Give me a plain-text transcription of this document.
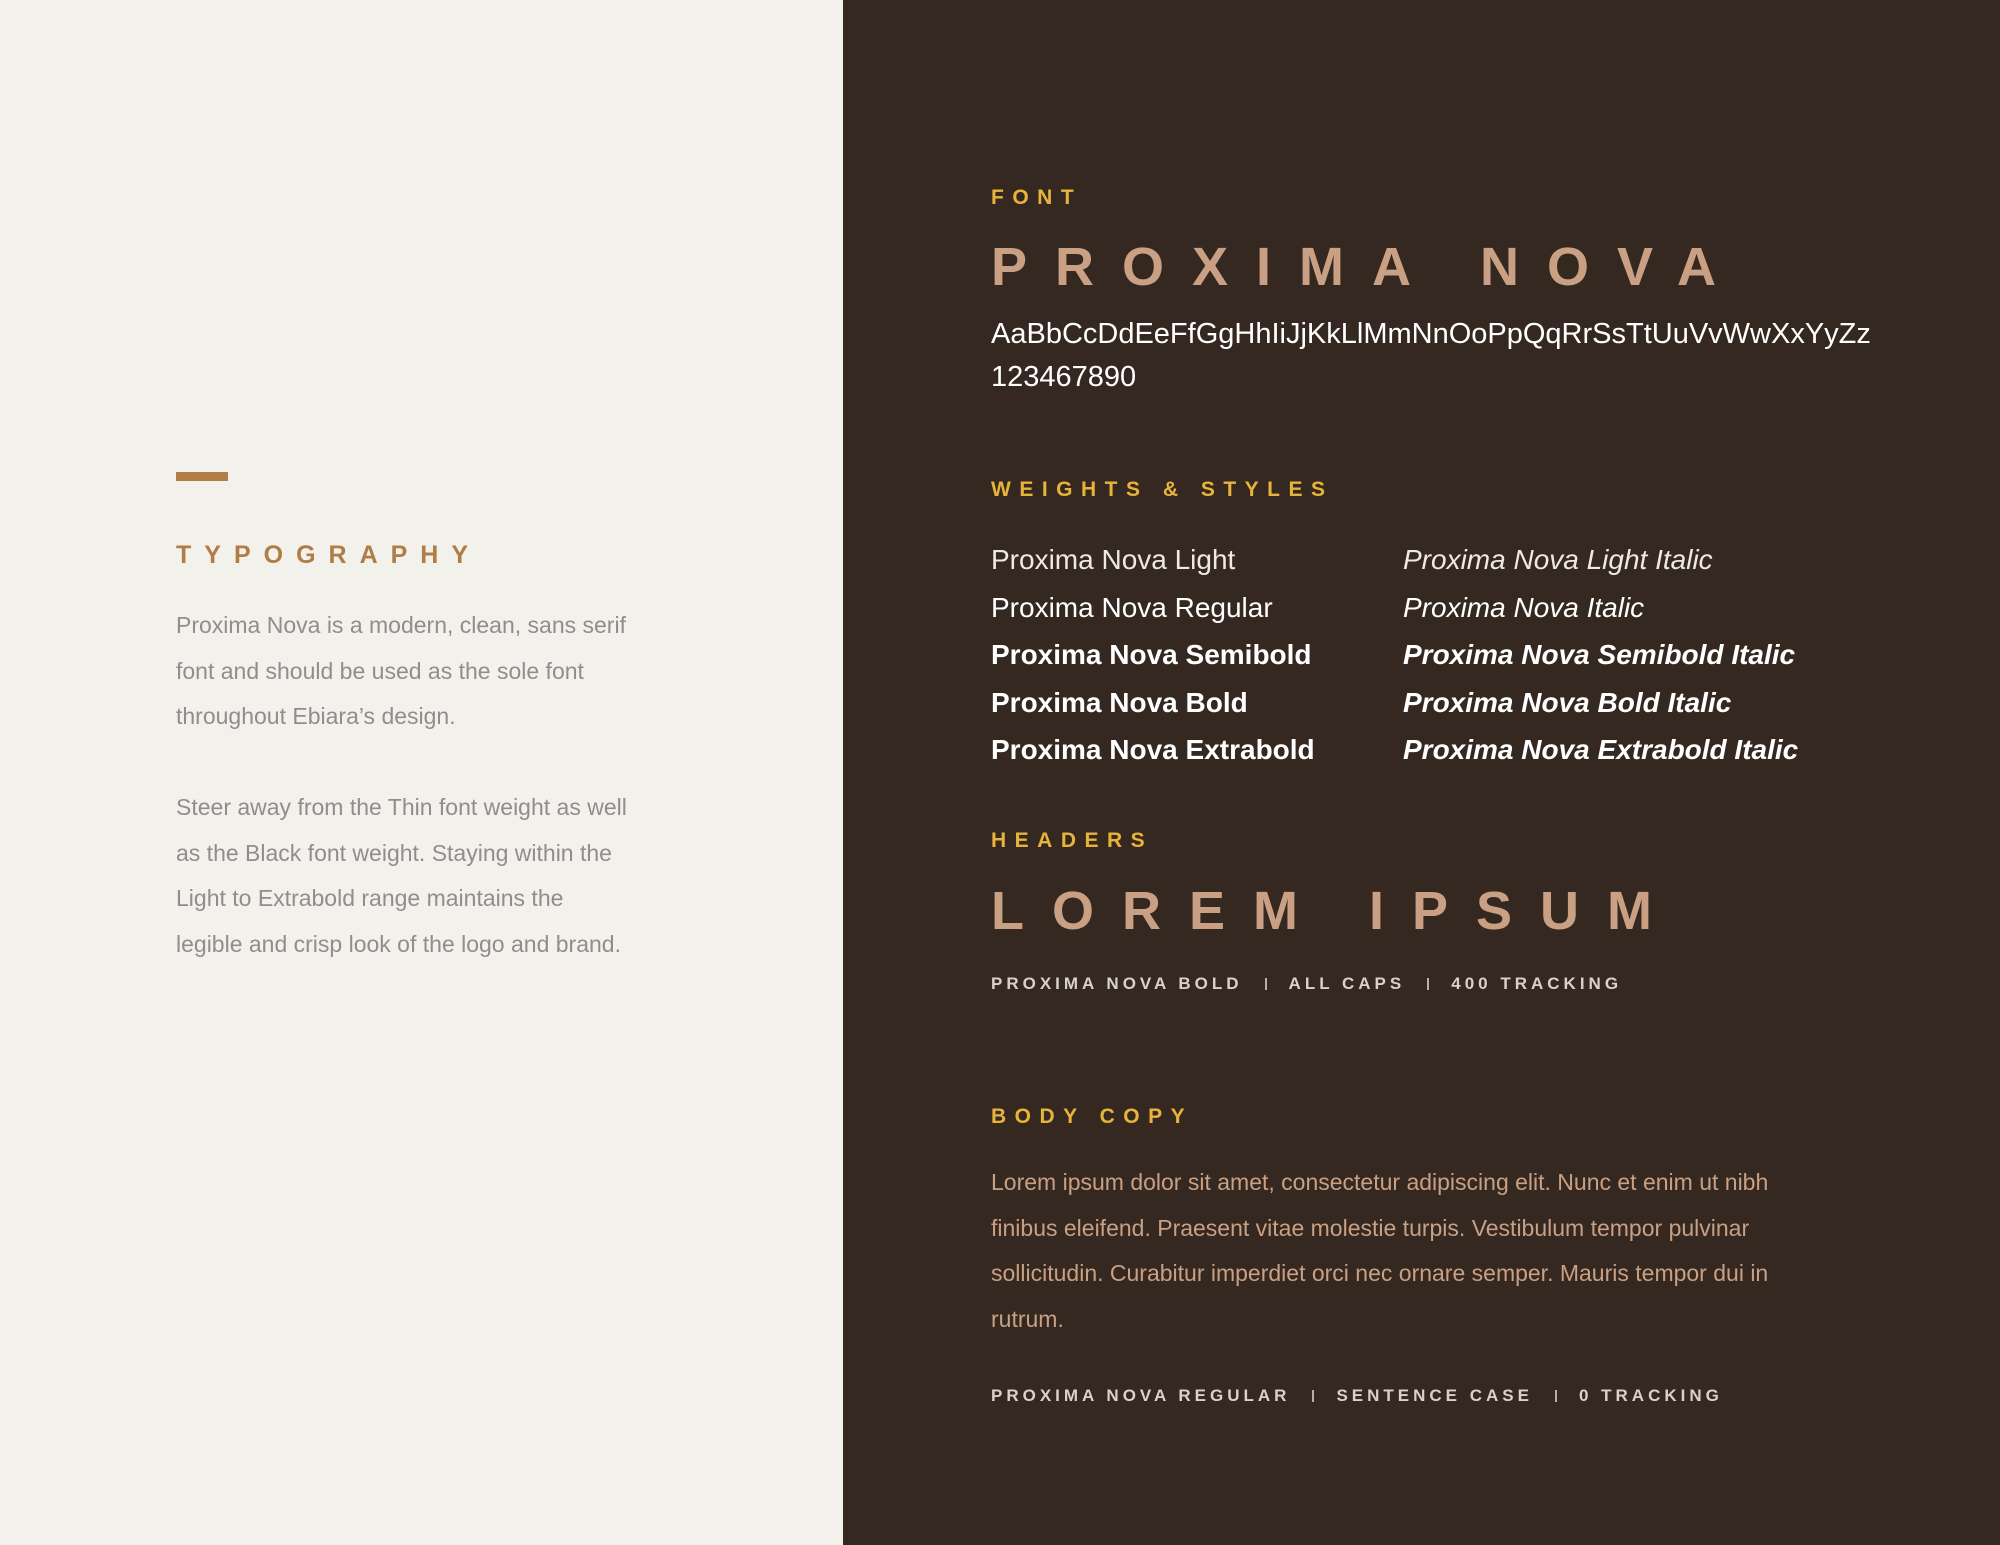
TYPOGRAPHY

Proxima Nova is a modern, clean, sans serif font and should be used as the sole font throughout Ebiara’s design.

Steer away from the Thin font weight as well as the Black font weight. Staying within the Light to Extrabold range maintains the legible and crisp look of the logo and brand.

FONT
PROXIMA NOVA
AaBbCcDdEeFfGgHhIiJjKkLlMmNnOoPpQqRrSsTtUuVvWwXxYyZz
123467890
WEIGHTS & STYLES
Proxima Nova Light	Proxima Nova Light Italic
Proxima Nova Regular	Proxima Nova Italic
Proxima Nova Semibold	Proxima Nova Semibold Italic
Proxima Nova Bold	Proxima Nova Bold Italic
Proxima Nova Extrabold	Proxima Nova Extrabold Italic
HEADERS
LOREM IPSUM
PROXIMA NOVA BOLD	ALL CAPS	400 TRACKING
BODY COPY
Lorem ipsum dolor sit amet, consectetur adipiscing elit. Nunc et enim ut nibh finibus eleifend. Praesent vitae molestie turpis. Vestibulum tempor pulvinar sollicitudin. Curabitur imperdiet orci nec ornare semper. Mauris tempor dui in rutrum.
PROXIMA NOVA REGULAR	SENTENCE CASE	0 TRACKING
